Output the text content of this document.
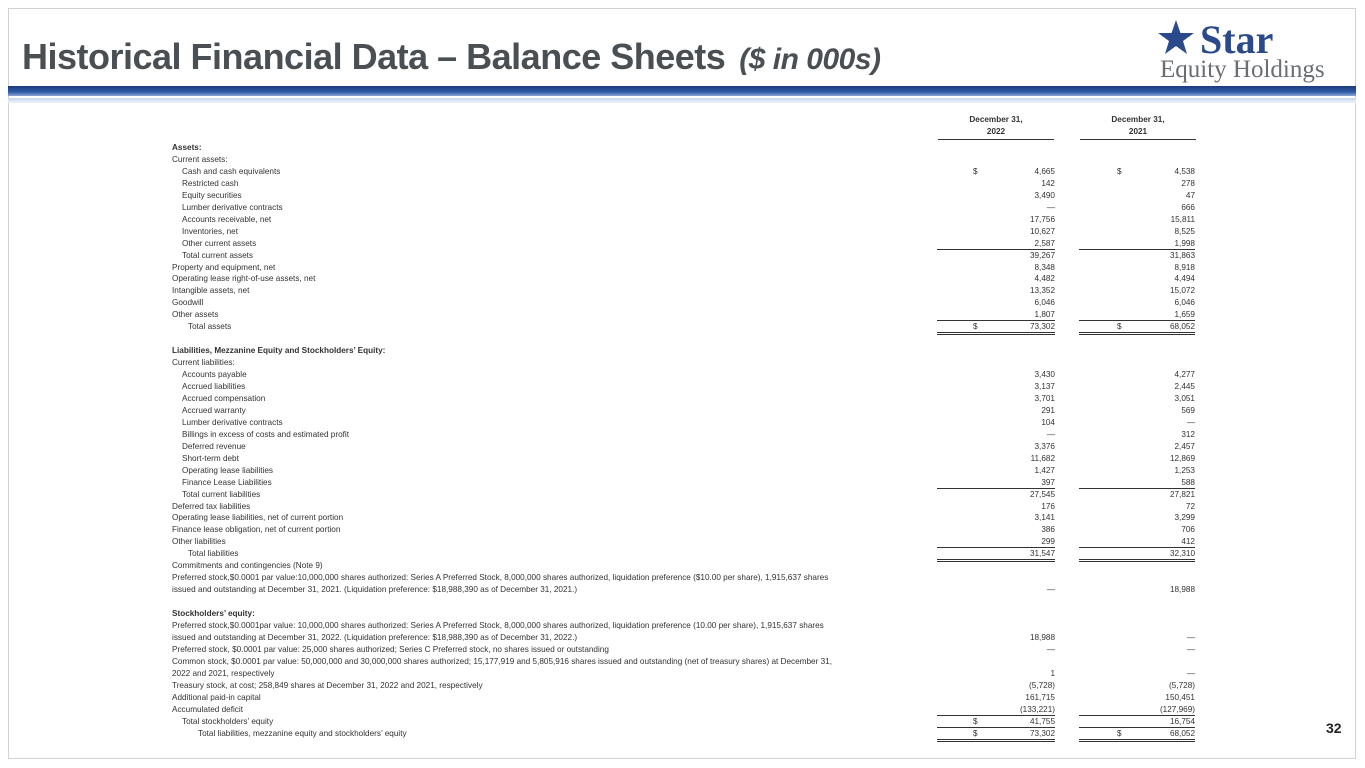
Historical Financial Data – Balance Sheets ($ in 000s)	Star
Equity Holdings
December 31,
2022
December 31,
2021
Assets:
Current assets:
Cash and cash equivalents	$	4,665	$	4,538
Restricted cash	142	278
Equity securities	3,490	47
Lumber derivative contracts	—	666
Accounts receivable, net	17,756	15,811
Inventories, net	10,627	8,525
Other current assets	2,587	1,998
Total current assets	39,267	31,863
Property and equipment, net	8,348	8,918
Operating lease right-of-use assets, net	4,482	4,494
Intangible assets, net	13,352	15,072
Goodwill	6,046	6,046
Other assets	1,807	1,659
Total assets	$	73,302	$	68,052
Liabilities, Mezzanine Equity and Stockholders’ Equity:
Current liabilities:
Accounts payable	3,430	4,277
Accrued liabilities	3,137	2,445
Accrued compensation	3,701	3,051
Accrued warranty	291	569
Lumber derivative contracts	104	—
Billings in excess of costs and estimated profit	—	312
Deferred revenue	3,376	2,457
Short-term debt	11,682	12,869
Operating lease liabilities	1,427	1,253
Finance Lease Liabilities	397	588
Total current liabilities	27,545	27,821
Deferred tax liabilities	176	72
Operating lease liabilities, net of current portion	3,141	3,299
Finance lease obligation, net of current portion	386	706
Other liabilities	299	412
Total liabilities	31,547	32,310
Commitments and contingencies (Note 9)
Preferred stock,$0.0001 par value:10,000,000 shares authorized: Series A Preferred Stock, 8,000,000 shares authorized, liquidation preference ($10.00 per share), 1,915,637 shares
issued and outstanding at December 31, 2021. (Liquidation preference: $18,988,390 as of December 31, 2021.)	—	18,988
Stockholders’ equity:
Preferred stock,$0.0001par value: 10,000,000 shares authorized: Series A Preferred Stock, 8,000,000 shares authorized, liquidation preference (10.00 per share), 1,915,637 shares
issued and outstanding at December 31, 2022. (Liquidation preference: $18,988,390 as of December 31, 2022.)	18,988	—
Preferred stock, $0.0001 par value: 25,000 shares authorized; Series C Preferred stock, no shares issued or outstanding	—	—
Common stock, $0.0001 par value: 50,000,000 and 30,000,000 shares authorized; 15,177,919 and 5,805,916 shares issued and outstanding (net of treasury shares) at December 31,
2022 and 2021, respectively	1	—
Treasury stock, at cost; 258,849 shares at December 31, 2022 and 2021, respectively	(5,728)	(5,728)
Additional paid-in capital	161,715	150,451
Accumulated deficit	(133,221)	(127,969)
Total stockholders’ equity	$	41,755	16,754
Total liabilities, mezzanine equity and stockholders’ equity	$	73,302	$	68,052	32
